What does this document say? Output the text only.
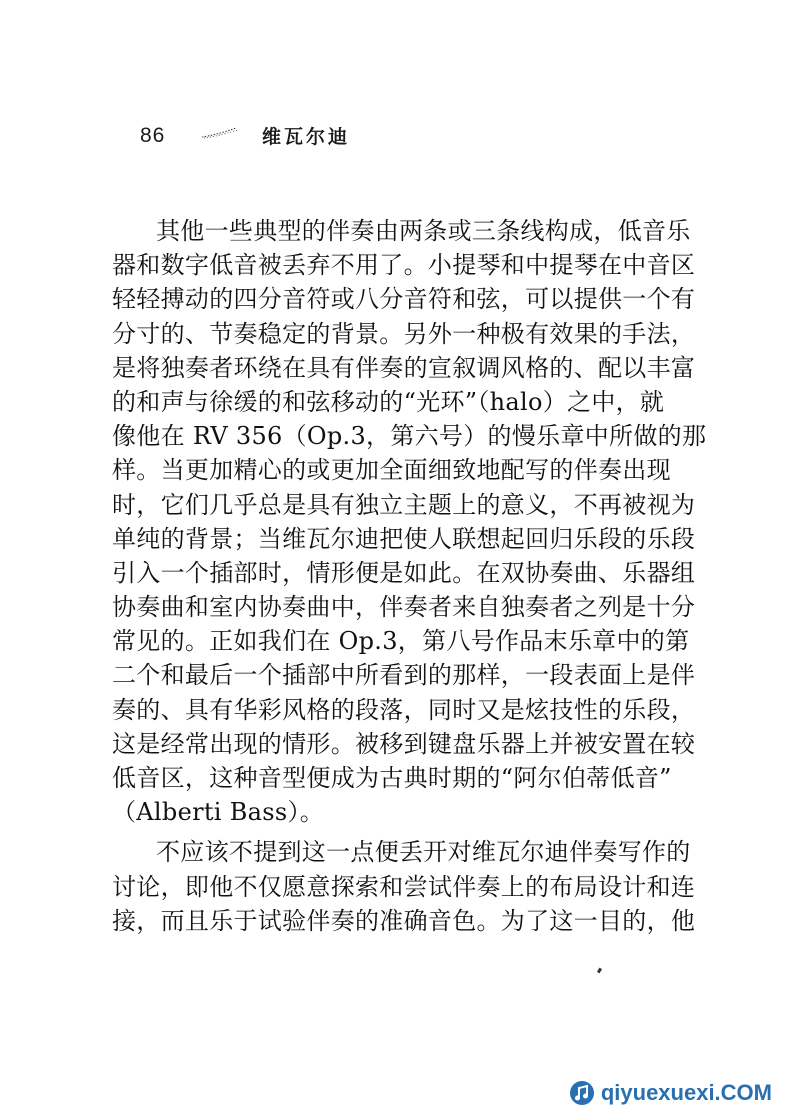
86	维瓦尔迪
其他一些典型的伴奏由两条或三条线构成，低音乐
器和数字低音被丢弃不用了。小提琴和中提琴在中音区
轻轻搏动的四分音符或八分音符和弦，可以提供一个有
分寸的、节奏稳定的背景。另外一种极有效果的手法，
是将独奏者环绕在具有伴奏的宣叙调风格的、配以丰富
的和声与徐缓的和弦移动的“光环”（halo）之中，就
像他在 RV 356（Op.3，第六号）的慢乐章中所做的那
样。当更加精心的或更加全面细致地配写的伴奏出现
时，它们几乎总是具有独立主题上的意义，不再被视为
单纯的背景；当维瓦尔迪把使人联想起回归乐段的乐段
引入一个插部时，情形便是如此。在双协奏曲、乐器组
协奏曲和室内协奏曲中，伴奏者来自独奏者之列是十分
常见的。正如我们在 Op.3，第八号作品末乐章中的第
二个和最后一个插部中所看到的那样，一段表面上是伴
奏的、具有华彩风格的段落，同时又是炫技性的乐段，
这是经常出现的情形。被移到键盘乐器上并被安置在较
低音区，这种音型便成为古典时期的“阿尔伯蒂低音”
（Alberti Bass）。
不应该不提到这一点便丢开对维瓦尔迪伴奏写作的
讨论，即他不仅愿意探索和尝试伴奏上的布局设计和连
接，而且乐于试验伴奏的准确音色。为了这一目的，他
qiyuexuexi.COM
